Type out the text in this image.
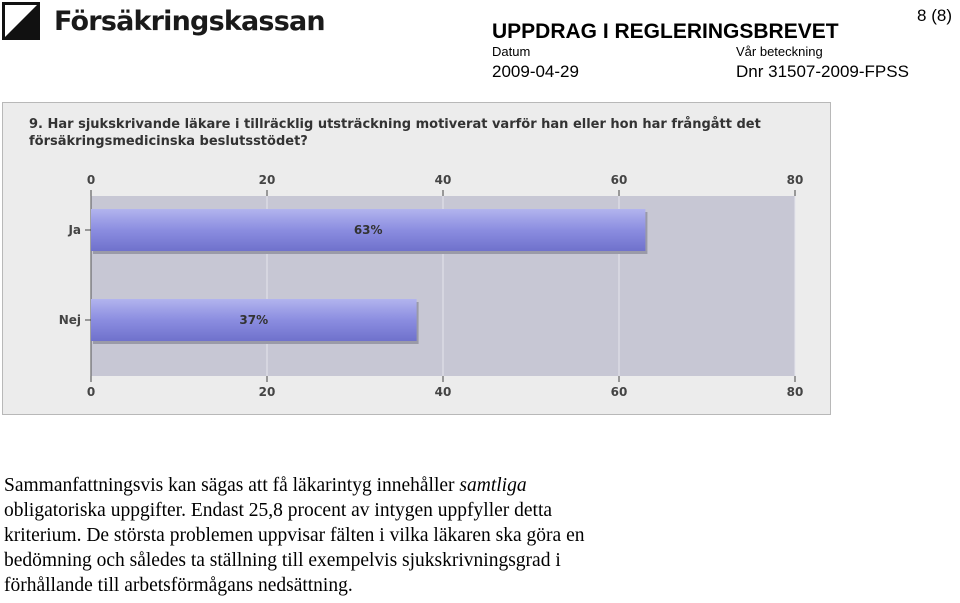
Försäkringskassan	UPPDRAG I REGLERINGSBREVET
8 (8)
Datum	Vår beteckning
2009-04-29	Dnr 31507-2009-FPSS
9. Har sjukskrivande läkare i tillräcklig utsträckning motiverat varför han eller hon har frångått det
försäkringsmedicinska beslutsstödet?
0
0
20
20
40
40
60
60
80
80
Ja	63%
Nej	37%

Sammanfattningsvis kan sägas att få läkarintyg innehåller samtliga

obligatoriska uppgifter. Endast 25,8 procent av intygen uppfyller detta

kriterium. De största problemen uppvisar fälten i vilka läkaren ska göra en

bedömning och således ta ställning till exempelvis sjukskrivningsgrad i

förhållande till arbetsförmågans nedsättning.
